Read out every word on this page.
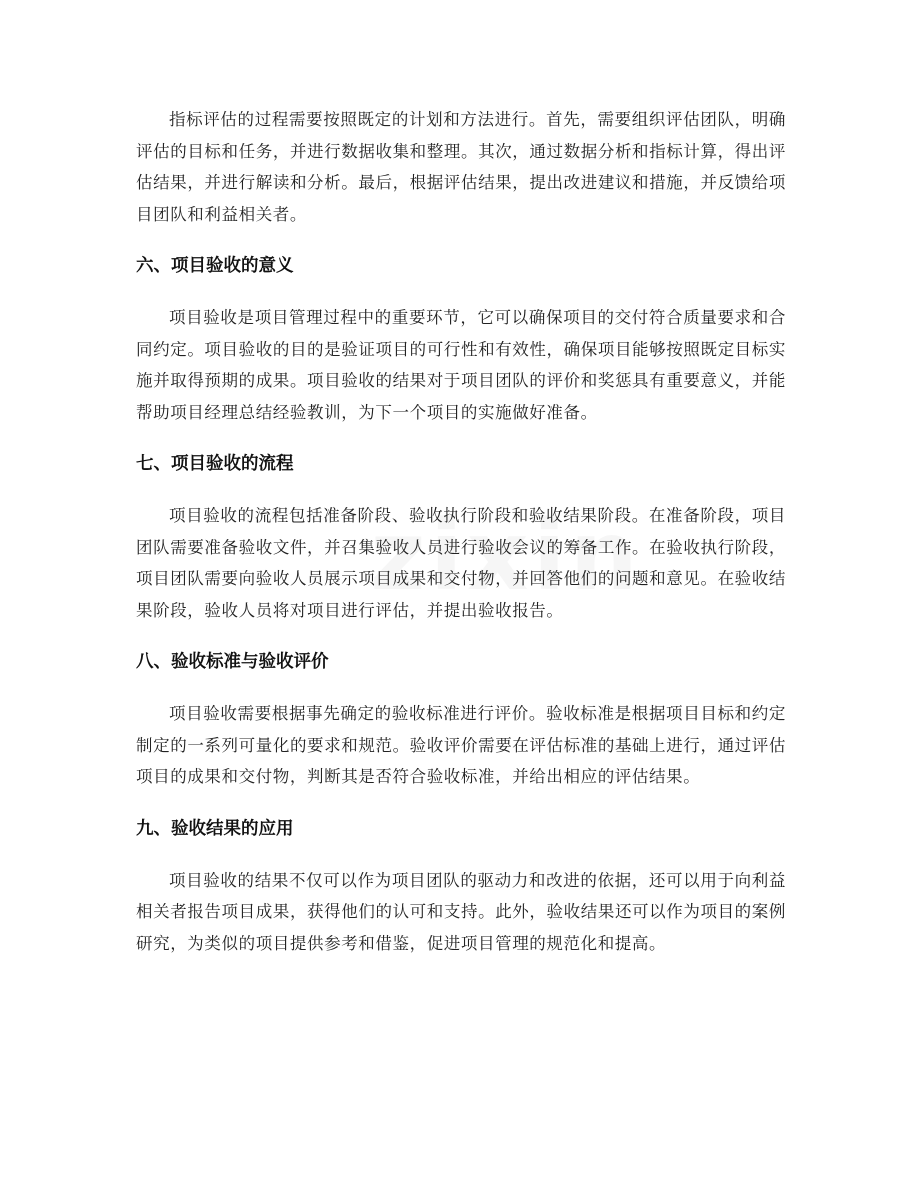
指标评估的过程需要按照既定的计划和方法进行。首先，需要组织评估团队，明确评估的目标和任务，并进行数据收集和整理。其次，通过数据分析和指标计算，得出评估结果，并进行解读和分析。最后，根据评估结果，提出改进建议和措施，并反馈给项目团队和利益相关者。

六、项目验收的意义

项目验收是项目管理过程中的重要环节，它可以确保项目的交付符合质量要求和合同约定。项目验收的目的是验证项目的可行性和有效性，确保项目能够按照既定目标实施并取得预期的成果。项目验收的结果对于项目团队的评价和奖惩具有重要意义，并能帮助项目经理总结经验教训，为下一个项目的实施做好准备。

七、项目验收的流程

项目验收的流程包括准备阶段、验收执行阶段和验收结果阶段。在准备阶段，项目团队需要准备验收文件，并召集验收人员进行验收会议的筹备工作。在验收执行阶段，项目团队需要向验收人员展示项目成果和交付物，并回答他们的问题和意见。在验收结果阶段，验收人员将对项目进行评估，并提出验收报告。

八、验收标准与验收评价

项目验收需要根据事先确定的验收标准进行评价。验收标准是根据项目目标和约定制定的一系列可量化的要求和规范。验收评价需要在评估标准的基础上进行，通过评估项目的成果和交付物，判断其是否符合验收标准，并给出相应的评估结果。

九、验收结果的应用

项目验收的结果不仅可以作为项目团队的驱动力和改进的依据，还可以用于向利益相关者报告项目成果，获得他们的认可和支持。此外，验收结果还可以作为项目的案例研究，为类似的项目提供参考和借鉴，促进项目管理的规范化和提高。
